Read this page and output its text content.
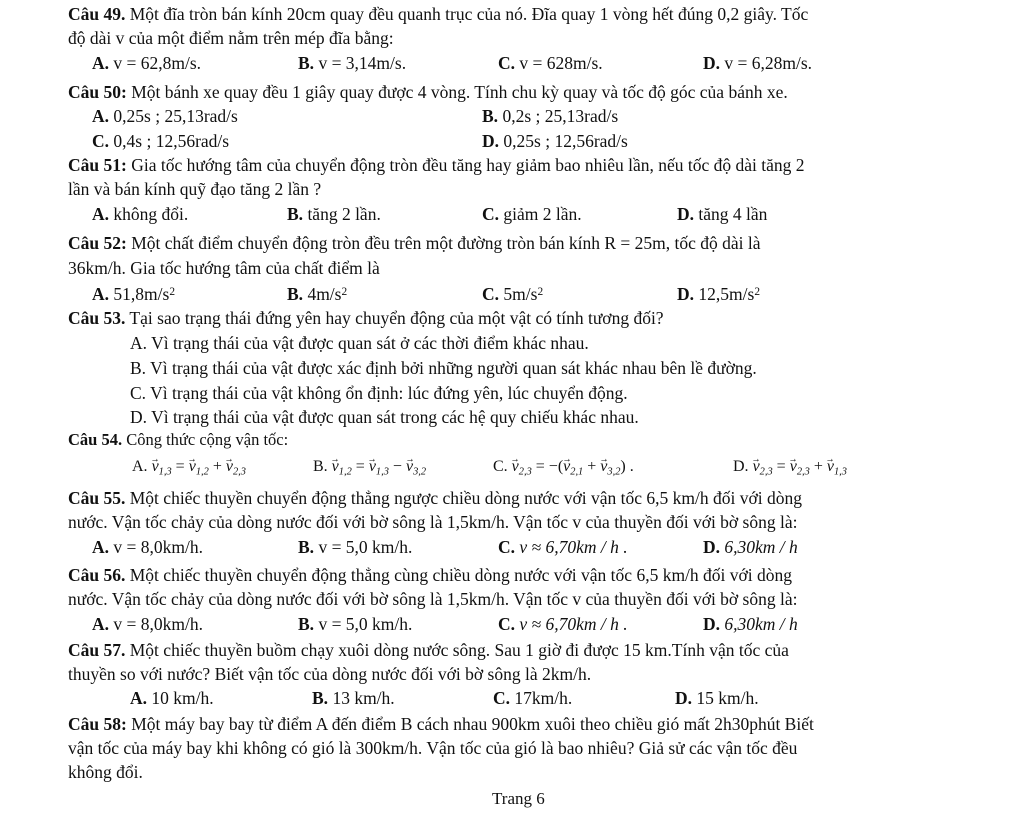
Câu 49. Một đĩa tròn bán kính 20cm quay đều quanh trục của nó. Đĩa quay 1 vòng hết đúng 0,2 giây. Tốc
độ dài v của một điểm nằm trên mép đĩa bằng:
A. v = 62,8m/s.	B. v = 3,14m/s.	C. v = 628m/s.	D. v = 6,28m/s.
Câu 50: Một bánh xe quay đều 1 giây quay được 4 vòng. Tính chu kỳ quay và tốc độ góc của bánh xe.
A. 0,25s ; 25,13rad/s	B. 0,2s ; 25,13rad/s
C. 0,4s ; 12,56rad/s	D. 0,25s ; 12,56rad/s
Câu 51: Gia tốc hướng tâm của chuyển động tròn đều tăng hay giảm bao nhiêu lần, nếu tốc độ dài tăng 2
lần và bán kính quỹ đạo tăng 2 lần ?
A. không đổi.	B. tăng 2 lần.	C. giảm 2 lần.	D. tăng 4 lần
Câu 52: Một chất điểm chuyển động tròn đều trên một đường tròn bán kính R = 25m, tốc độ dài là
36km/h. Gia tốc hướng tâm của chất điểm là
A. $51,8m/s^2$	B. $4m/s^2$	C. $5m/s^2$	D. $12,5m/s^2$
Câu 53. Tại sao trạng thái đứng yên hay chuyển động của một vật có tính tương đối?
A. Vì trạng thái của vật được quan sát ở các thời điểm khác nhau.
B. Vì trạng thái của vật được xác định bởi những người quan sát khác nhau bên lề đường.
C. Vì trạng thái của vật không ổn định: lúc đứng yên, lúc chuyển động.
D. Vì trạng thái của vật được quan sát trong các hệ quy chiếu khác nhau.
Câu 54. Công thức cộng vận tốc:
A. → $v_{1,3}$ = → $v_{1,2}$ + → $v_{2,3}$	B. → $v_{1,2}$ = → $v_{1,3}$ − → $v_{3,2}$	C. → $v_{2,3}$ = −(→ $v_{2,1}$ + → $v_{3,2}$) .	D. → $v_{2,3}$ = → $v_{2,3}$ + → $v_{1,3}$
Câu 55. Một chiếc thuyền chuyển động thẳng ngược chiều dòng nước với vận tốc 6,5 km/h đối với dòng
nước. Vận tốc chảy của dòng nước đối với bờ sông là 1,5km/h. Vận tốc v của thuyền đối với bờ sông là:
A. v = 8,0km/h.	B. v = 5,0 km/h.	C. v ≈ 6,70km / h .	D. 6,30km / h
Câu 56. Một chiếc thuyền chuyển động thẳng cùng chiều dòng nước với vận tốc 6,5 km/h đối với dòng
nước. Vận tốc chảy của dòng nước đối với bờ sông là 1,5km/h. Vận tốc v của thuyền đối với bờ sông là:
A. v = 8,0km/h.	B. v = 5,0 km/h.	C. v ≈ 6,70km / h .	D. 6,30km / h
Câu 57. Một chiếc thuyền buồm chạy xuôi dòng nước sông. Sau 1 giờ đi được 15 km.Tính vận tốc của
thuyền so với nước? Biết vận tốc của dòng nước đối với bờ sông là 2km/h.
A. 10 km/h.	B. 13 km/h.	C. 17km/h.	D. 15 km/h.
Câu 58: Một máy bay bay từ điểm A đến điểm B cách nhau 900km xuôi theo chiều gió mất 2h30phút Biết
vận tốc của máy bay khi không có gió là 300km/h. Vận tốc của gió là bao nhiêu? Giả sử các vận tốc đều
không đổi.
Trang 6
